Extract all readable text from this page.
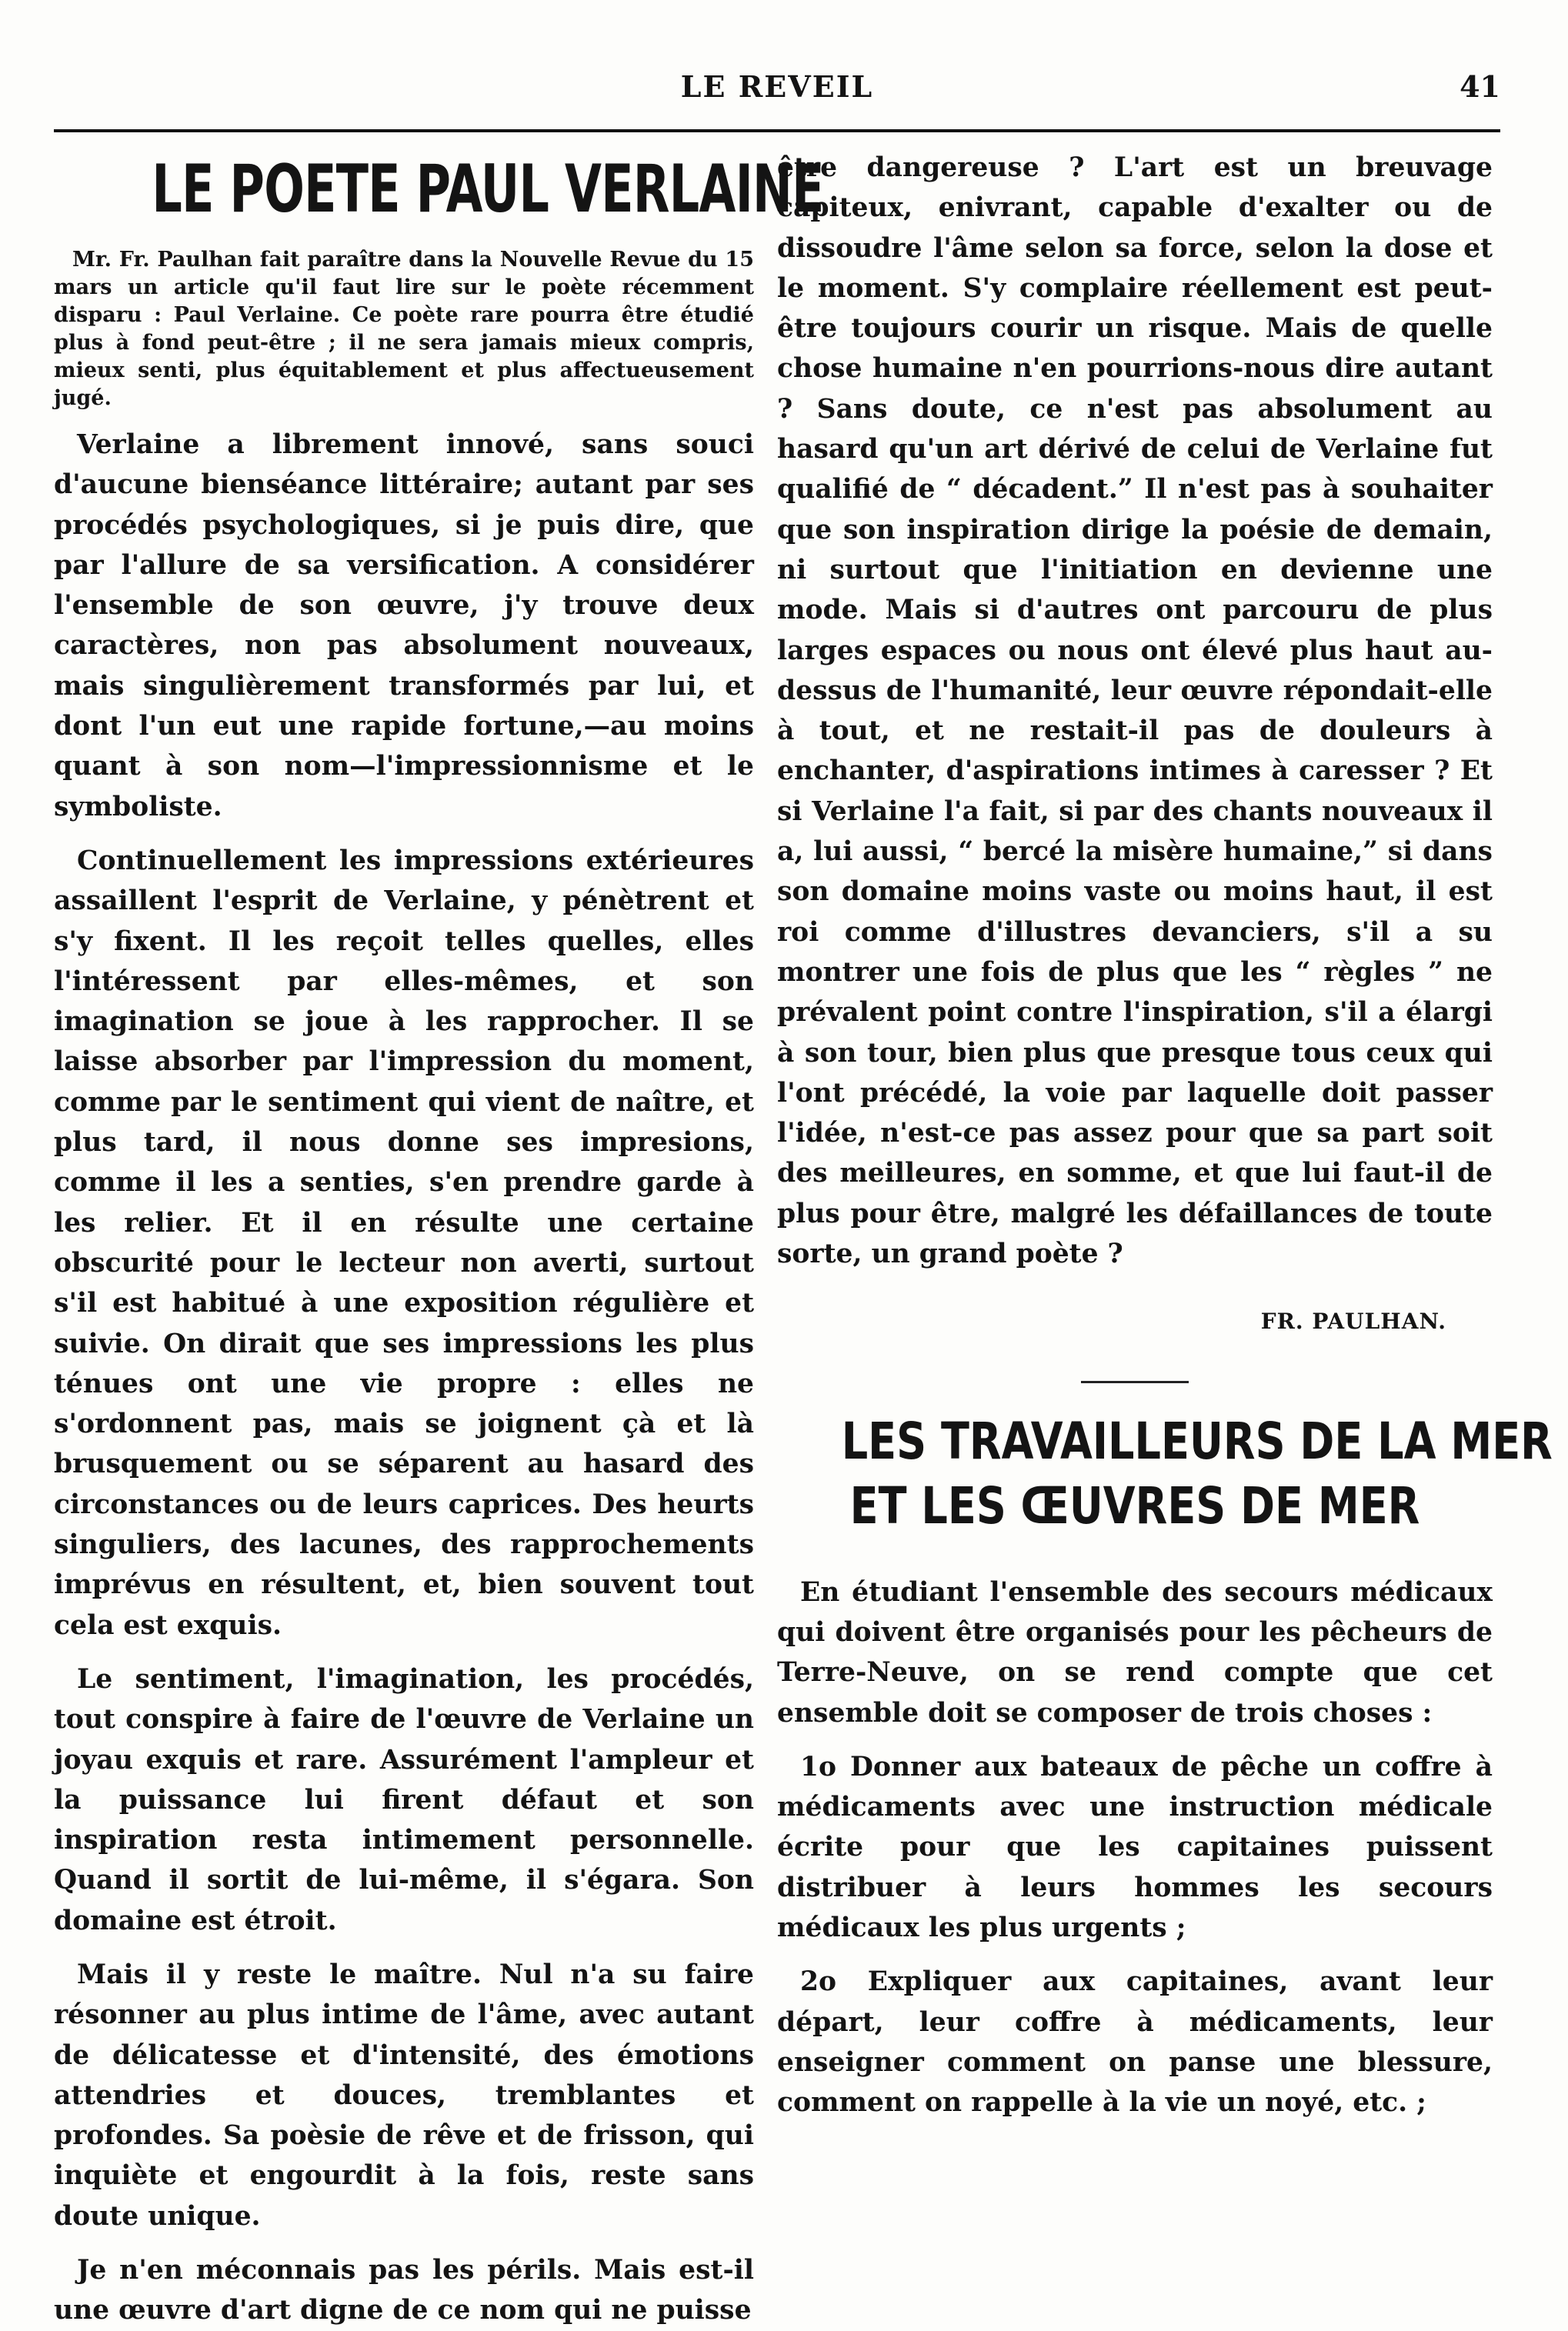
LE REVEIL	41
LE POETE PAUL VERLAINE

Mr. Fr. Paulhan fait paraître dans la Nouvelle Revue du 15 mars un article qu'il faut lire sur le poète récemment disparu : Paul Verlaine. Ce poète rare pourra être étudié plus à fond peut-être ; il ne sera jamais mieux compris, mieux senti, plus équitablement et plus affectueusement jugé.

Verlaine a librement innové, sans souci d'aucune bienséance littéraire; autant par ses procédés psychologiques, si je puis dire, que par l'allure de sa versification. A considérer l'ensemble de son œuvre, j'y trouve deux caractères, non pas absolument nouveaux, mais singulièrement transformés par lui, et dont l'un eut une rapide fortune,—au moins quant à son nom—l'impressionnisme et le symboliste.

Continuellement les impressions extérieures assaillent l'esprit de Verlaine, y pénètrent et s'y fixent. Il les reçoit telles quelles, elles l'intéressent par elles-mêmes, et son imagination se joue à les rapprocher. Il se laisse absorber par l'impression du moment, comme par le sentiment qui vient de naître, et plus tard, il nous donne ses impresions, comme il les a senties, s'en prendre garde à les relier. Et il en résulte une certaine obscurité pour le lecteur non averti, surtout s'il est habitué à une exposition régulière et suivie. On dirait que ses impressions les plus ténues ont une vie propre : elles ne s'ordonnent pas, mais se joignent çà et là brusquement ou se séparent au hasard des circonstances ou de leurs caprices. Des heurts singuliers, des lacunes, des rapprochements imprévus en résultent, et, bien souvent tout cela est exquis.

Le sentiment, l'imagination, les procédés, tout conspire à faire de l'œuvre de Verlaine un joyau exquis et rare. Assurément l'ampleur et la puissance lui firent défaut et son inspiration resta intimement personnelle. Quand il sortit de lui-même, il s'égara. Son domaine est étroit.

Mais il y reste le maître. Nul n'a su faire résonner au plus intime de l'âme, avec autant de délicatesse et d'intensité, des émotions attendries et douces, tremblantes et profondes. Sa poèsie de rêve et de frisson, qui inquiète et engourdit à la fois, reste sans doute unique.

Je n'en méconnais pas les périls. Mais est-il une œuvre d'art digne de ce nom qui ne puisse

être dangereuse ? L'art est un breuvage capiteux, enivrant, capable d'exalter ou de dissoudre l'âme selon sa force, selon la dose et le moment. S'y complaire réellement est peut-être toujours courir un risque. Mais de quelle chose humaine n'en pourrions-nous dire autant ? Sans doute, ce n'est pas absolument au hasard qu'un art dérivé de celui de Verlaine fut qualifié de “ décadent.” Il n'est pas à souhaiter que son inspiration dirige la poésie de demain, ni surtout que l'initiation en devienne une mode. Mais si d'autres ont parcouru de plus larges espaces ou nous ont élevé plus haut au-dessus de l'humanité, leur œuvre répondait-elle à tout, et ne restait-il pas de douleurs à enchanter, d'aspirations intimes à caresser ? Et si Verlaine l'a fait, si par des chants nouveaux il a, lui aussi, “ bercé la misère humaine,” si dans son domaine moins vaste ou moins haut, il est roi comme d'illustres devanciers, s'il a su montrer une fois de plus que les “ règles ” ne prévalent point contre l'inspiration, s'il a élargi à son tour, bien plus que presque tous ceux qui l'ont précédé, la voie par laquelle doit passer l'idée, n'est-ce pas assez pour que sa part soit des meilleures, en somme, et que lui faut-il de plus pour être, malgré les défaillances de toute sorte, un grand poète ?

FR. PAULHAN.

LES TRAVAILLEURS DE LA MER
ET LES ŒUVRES DE MER

En étudiant l'ensemble des secours médicaux qui doivent être organisés pour les pêcheurs de Terre-Neuve, on se rend compte que cet ensemble doit se composer de trois choses :

1o Donner aux bateaux de pêche un coffre à médicaments avec une instruction médicale écrite pour que les capitaines puissent distribuer à leurs hommes les secours médicaux les plus urgents ;

2o Expliquer aux capitaines, avant leur départ, leur coffre à médicaments, leur enseigner comment on panse une blessure, comment on rappelle à la vie un noyé, etc. ;
